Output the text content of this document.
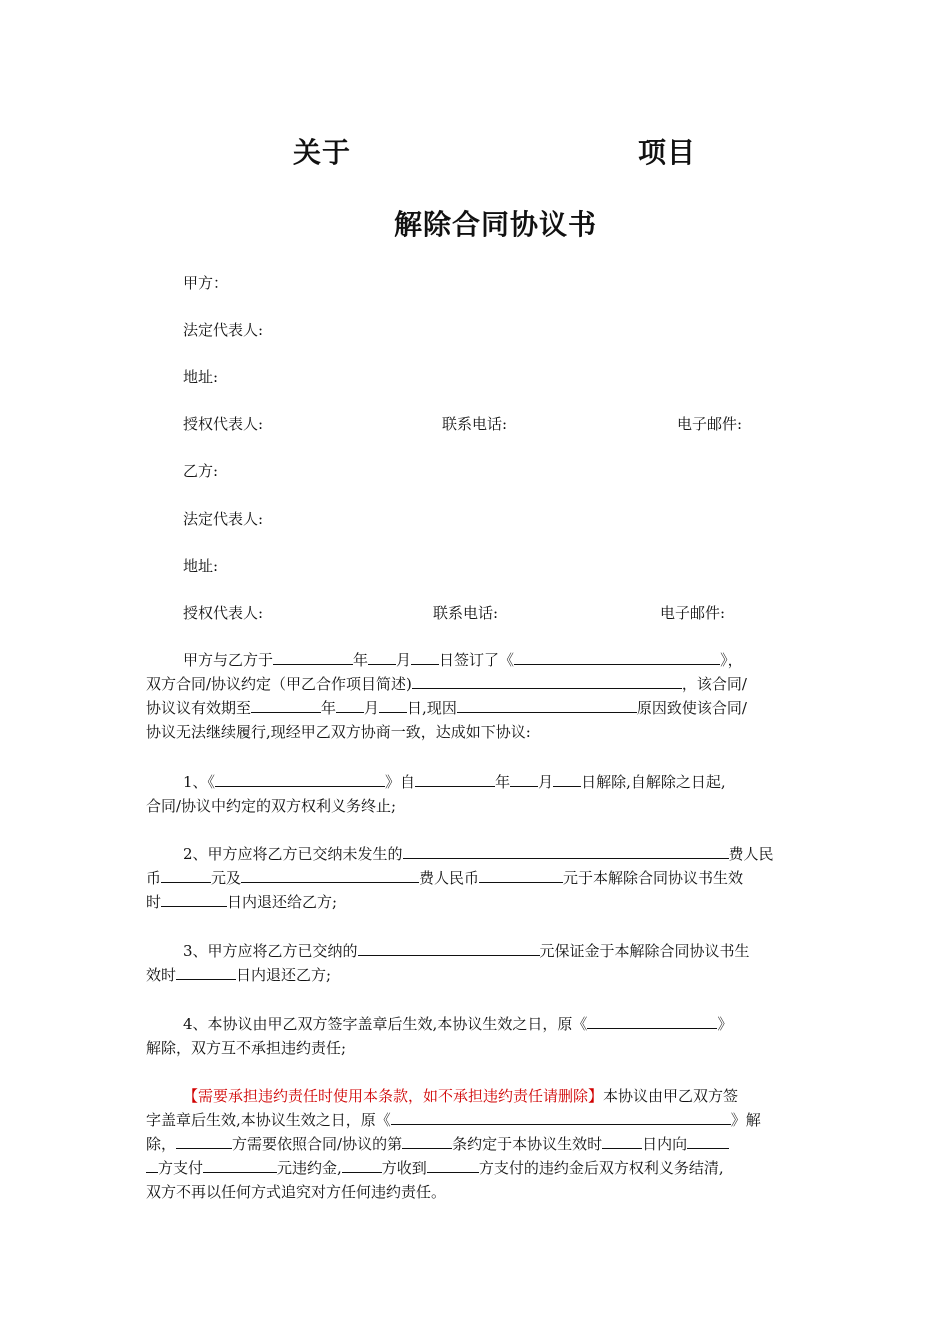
关于	项目
解除合同协议书
甲方：
法定代表人:
地址:
授权代表人:	联系电话:	电子邮件:
乙方:
法定代表人:
地址:
授权代表人:	联系电话:	电子邮件:
甲方与乙方于	年 月 日签订了《	》，
双方合同/协议约定（甲乙合作项目简述)	，该合同/
协议议有效期至	年 月 日,现因	原因致使该合同/
协议无法继续履行,现经甲乙双方协商一致，达成如下协议:
1、《	》自	年 月 日解除,自解除之日起,
合同/协议中约定的双方权利义务终止;
2、甲方应将乙方已交纳未发生的	费人民
币	元及	费人民币	元于本解除合同协议书生效
时	日内退还给乙方;
3、甲方应将乙方已交纳的	元保证金于本解除合同协议书生
效时	日内退还乙方;
4、本协议由甲乙双方签字盖章后生效,本协议生效之日，原《	》
解除，双方互不承担违约责任;
【需要承担违约责任时使用本条款，如不承担违约责任请删除】本协议由甲乙双方签
字盖章后生效,本协议生效之日，原《	》解
除，	方需要依照合同/协议的第	条约定于本协议生效时	日内向
方支付	元违约金,	方收到	方支付的违约金后双方权利义务结清,
双方不再以任何方式追究对方任何违约责任。
